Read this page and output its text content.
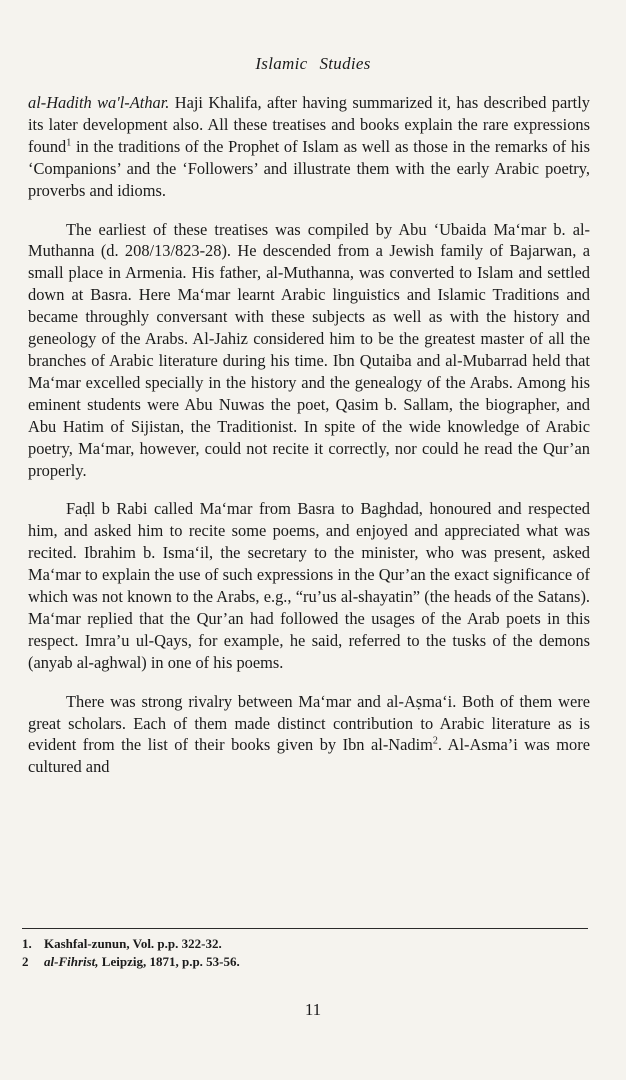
Islamic Studies

al-Hadith wa'l-Athar. Haji Khalifa, after having summarized it, has described partly its later development also. All these treatises and books explain the rare expressions found$^1$ in the traditions of the Prophet of Islam as well as those in the remarks of his ‘Companions’ and the ‘Followers’ and illustrate them with the early Arabic poetry, proverbs and idioms.

The earliest of these treatises was compiled by Abu ‘Ubaida Ma‘mar b. al-Muthanna (d. 208/13/823-28). He descended from a Jewish family of Bajarwan, a small place in Armenia. His father, al-Muthanna, was converted to Islam and settled down at Basra. Here Ma‘mar learnt Arabic linguistics and Islamic Traditions and became throughly conversant with these subjects as well as with the history and geneology of the Arabs. Al-Jahiz considered him to be the greatest master of all the branches of Arabic literature during his time. Ibn Qutaiba and al-Mubarrad held that Ma‘mar excelled specially in the history and the genealogy of the Arabs. Among his eminent students were Abu Nuwas the poet, Qasim b. Sallam, the biographer, and Abu Hatim of Sijistan, the Traditionist. In spite of the wide knowledge of Arabic poetry, Ma‘mar, however, could not recite it correctly, nor could he read the Qur’an properly.

Faḍl b Rabi called Ma‘mar from Basra to Baghdad, honoured and respected him, and asked him to recite some poems, and enjoyed and appreciated what was recited. Ibrahim b. Isma‘il, the secretary to the minister, who was present, asked Ma‘mar to explain the use of such expressions in the Qur’an the exact significance of which was not known to the Arabs, e.g., “ru’us al-shayatin” (the heads of the Satans). Ma‘mar replied that the Qur’an had followed the usages of the Arab poets in this respect. Imra’u ul-Qays, for example, he said, referred to the tusks of the demons (anyab al-aghwal) in one of his poems.

There was strong rivalry between Ma‘mar and al-Aṣma‘i. Both of them were great scholars. Each of them made distinct contribution to Arabic literature as is evident from the list of their books given by Ibn al-Nadim$^2$. Al-Asma’i was more cultured and

1. Kashfal-zunun, Vol. p.p. 322-32.
2	al-Fihrist, Leipzig, 1871, p.p. 53-56.
11
